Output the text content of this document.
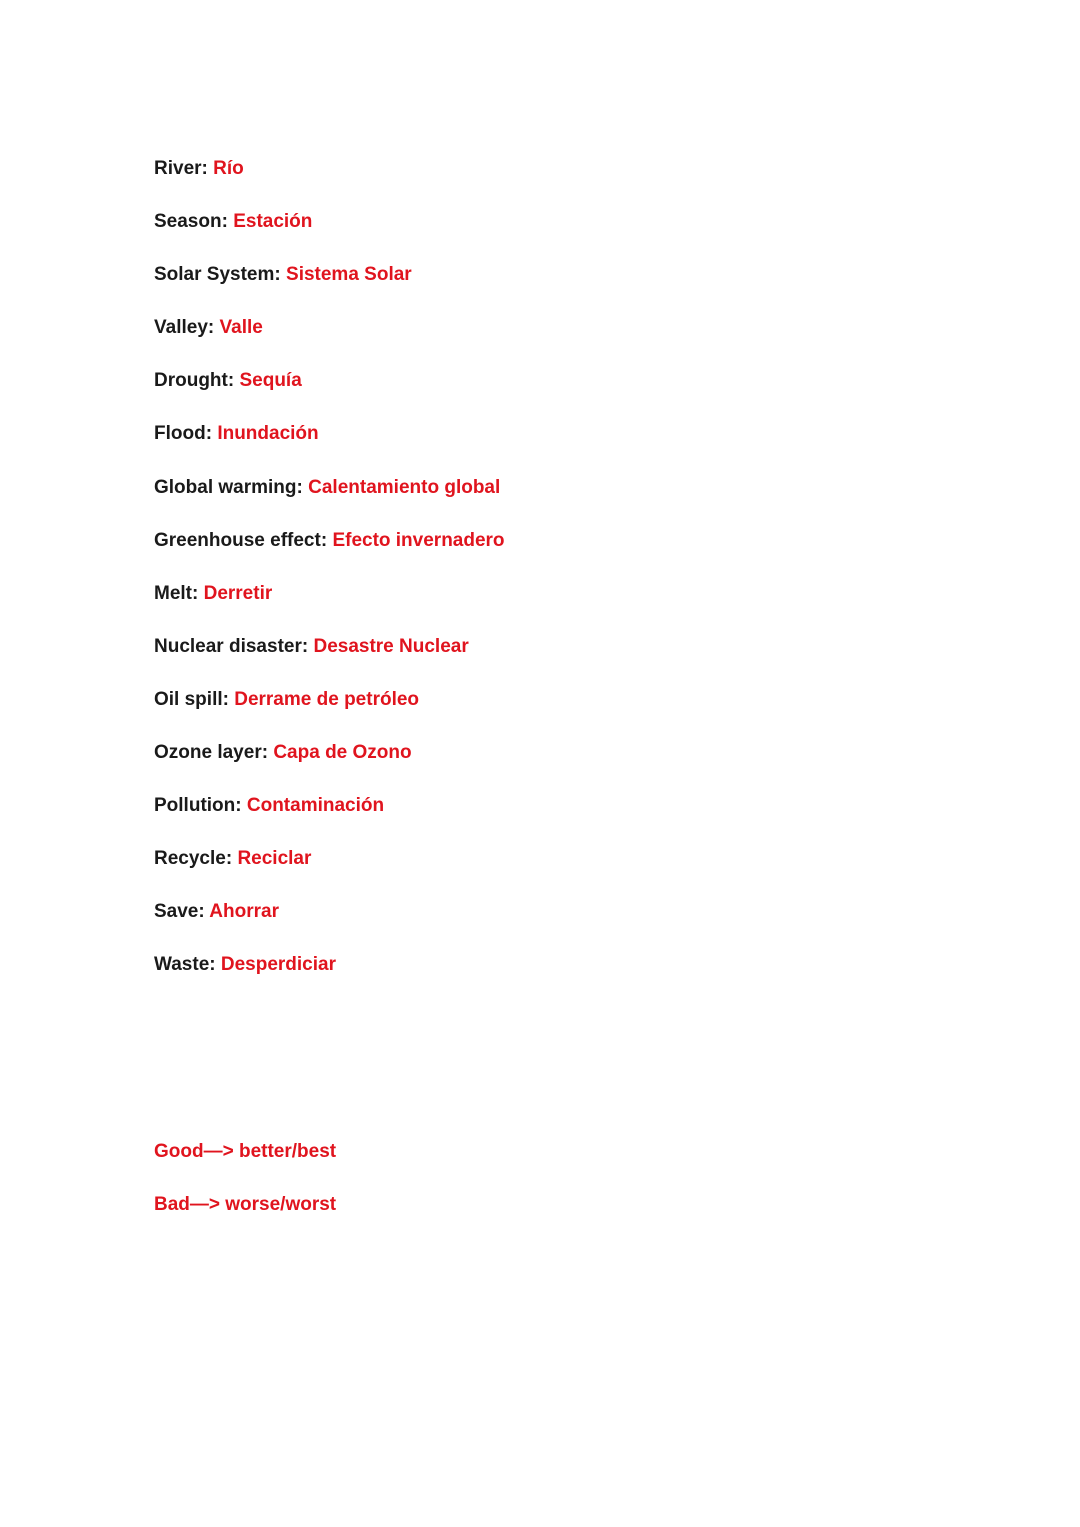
River: Río
Season: Estación
Solar System: Sistema Solar
Valley: Valle
Drought: Sequía
Flood: Inundación
Global warming: Calentamiento global
Greenhouse effect: Efecto invernadero
Melt: Derretir
Nuclear disaster: Desastre Nuclear
Oil spill: Derrame de petróleo
Ozone layer: Capa de Ozono
Pollution: Contaminación
Recycle: Reciclar
Save: Ahorrar
Waste: Desperdiciar
Good—> better/best
Bad—> worse/worst
